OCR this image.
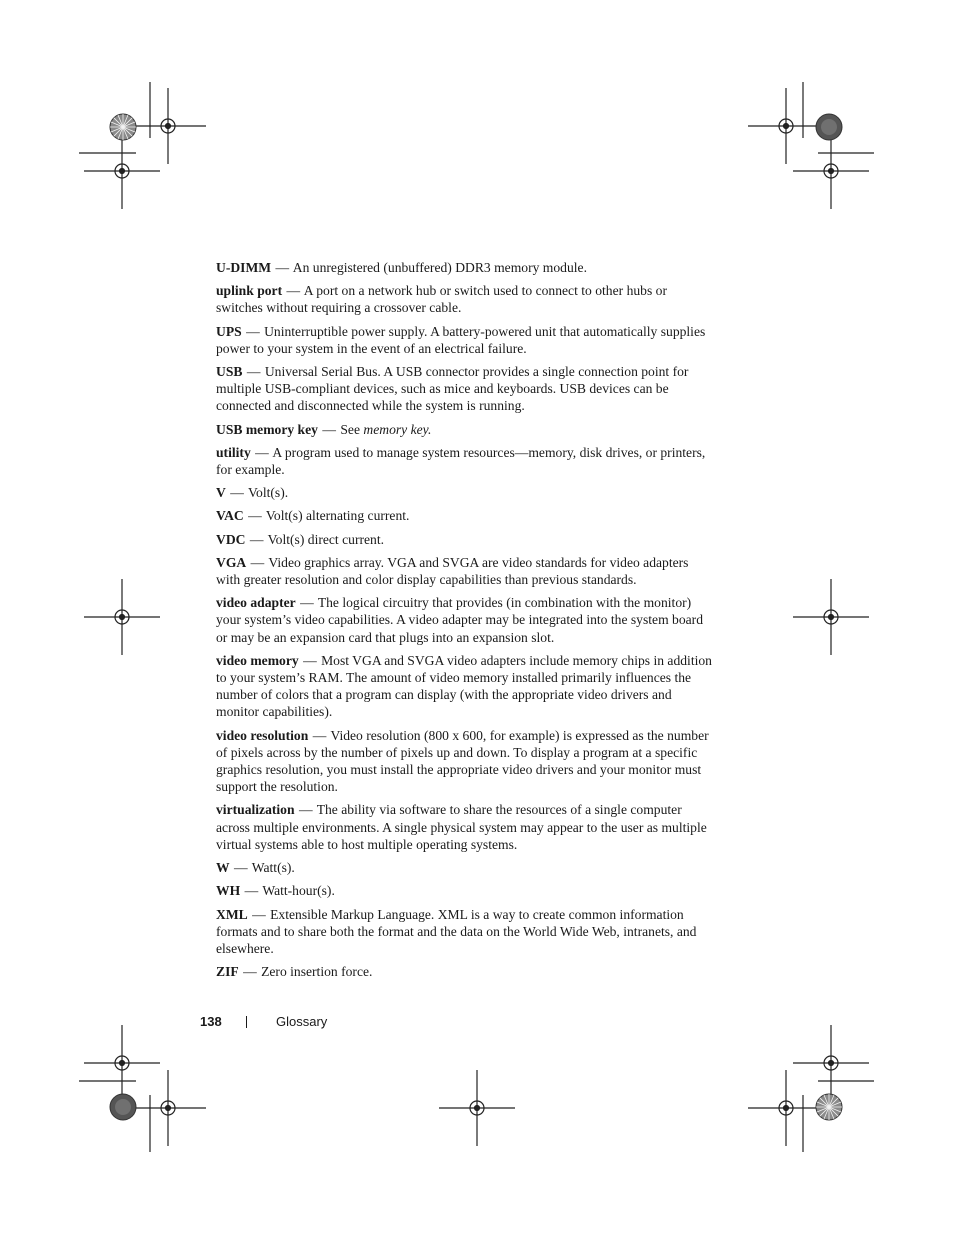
U-DIMM — An unregistered (unbuffered) DDR3 memory module.

uplink port — A port on a network hub or switch used to connect to other hubs or switches without requiring a crossover cable.

UPS — Uninterruptible power supply. A battery-powered unit that automatically supplies power to your system in the event of an electrical failure.

USB — Universal Serial Bus. A USB connector provides a single connection point for multiple USB-compliant devices, such as mice and keyboards. USB devices can be connected and disconnected while the system is running.

USB memory key — See memory key.

utility — A program used to manage system resources—memory, disk drives, or printers, for example.

V — Volt(s).

VAC — Volt(s) alternating current.

VDC — Volt(s) direct current.

VGA — Video graphics array. VGA and SVGA are video standards for video adapters with greater resolution and color display capabilities than previous standards.

video adapter — The logical circuitry that provides (in combination with the monitor) your system’s video capabilities. A video adapter may be integrated into the system board or may be an expansion card that plugs into an expansion slot.

video memory — Most VGA and SVGA video adapters include memory chips in addition to your system’s RAM. The amount of video memory installed primarily influences the number of colors that a program can display (with the appropriate video drivers and monitor capabilities).

video resolution — Video resolution (800 x 600, for example) is expressed as the number of pixels across by the number of pixels up and down. To display a program at a specific graphics resolution, you must install the appropriate video drivers and your monitor must support the resolution.

virtualization — The ability via software to share the resources of a single computer across multiple environments. A single physical system may appear to the user as multiple virtual systems able to host multiple operating systems.

W — Watt(s).

WH — Watt-hour(s).

XML — Extensible Markup Language. XML is a way to create common information formats and to share both the format and the data on the World Wide Web, intranets, and elsewhere.

ZIF — Zero insertion force.

138	Glossary
